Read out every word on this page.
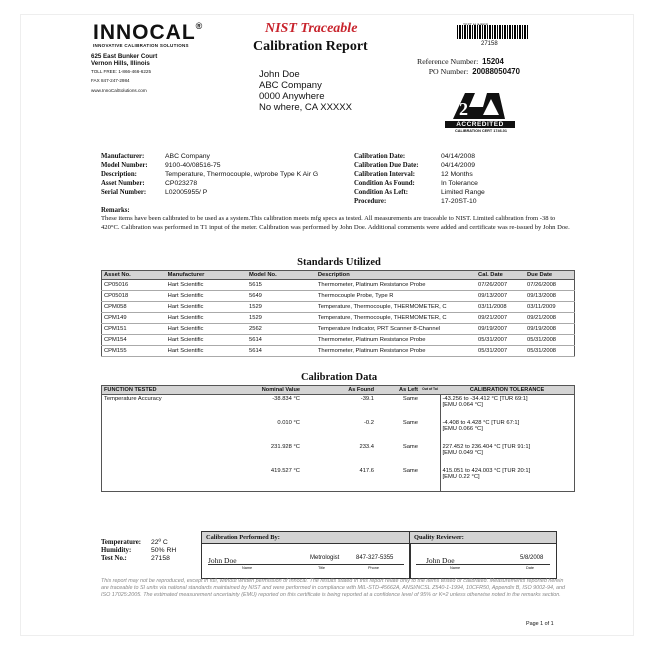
INNOCAL®
INNOVATIVE CALIBRATION SOLUTIONS
625 East Bunker Court
Vernon Hills, Illinois
TOLL FREE: 1-866-466-6225
FAX 847-247-2984
www.InnoCalSolutions.com
NIST Traceable
Calibration Report	27158
Reference Number: 15204
PO Number: 20088050470
John Doe
ABC Company
0000 Anywhere
No where, CA XXXXX	2
ACCREDITED
CALIBRATION CERT 1746.01
Manufacturer:	ABC Company
Model Number:	9100-40/08516-75
Description:	Temperature, Thermocouple, w/probe Type K Air G
Asset Number:	CP023278
Serial Number:	L02005955/ P
Calibration Date:	04/14/2008
Calibration Due Date:	04/14/2009
Calibration Interval:	12 Months
Condition As Found:	In Tolerance
Condition As Left:	Limited Range
Procedure:	17-20ST-10
Remarks:
These items have been calibrated to be used as a system.This calibration meets mfg specs as tested. All measurements are traceable to NIST. Limited calibration from -38 to 420°C. Calibration was performed in T1 input of the meter. Calibration was performed by John Doe. Additional comments were added and certificate was re-issued by John Doe.
Standards Utilized
Asset No.	Manufacturer	Model No.	Description	Cal. Date	Due Date
CP05016	Hart Scientific	5615	Thermometer, Platinum Resistance Probe	07/26/2007	07/26/2008
CP05018	Hart Scientific	5649	Thermocouple Probe, Type R	09/13/2007	09/13/2008
CPM058	Hart Scientific	1529	Temperature, Thermocouple, THERMOMETER, C	03/11/2008	03/11/2009
CPM149	Hart Scientific	1529	Temperature, Thermocouple, THERMOMETER, C	09/21/2007	09/21/2008
CPM151	Hart Scientific	2562	Temperature Indicator, PRT Scanner 8-Channel	09/19/2007	09/19/2008
CPM154	Hart Scientific	5614	Thermometer, Platinum Resistance Probe	05/31/2007	05/31/2008
CPM155	Hart Scientific	5614	Thermometer, Platinum Resistance Probe	05/31/2007	05/31/2008
Calibration Data
FUNCTION TESTED	Nominal Value	As Found	As Left	Out of Tol	CALIBRATION TOLERANCE
Temperature Accuracy	-38.834 °C	-39.1	Same		-43.256 to -34.412 °C [TUR 69:1]
[EMU 0.064 °C]

	0.010 °C	-0.2	Same		-4.408 to 4.428 °C [TUR 67:1]
[EMU 0.066 °C]

	231.928 °C	233.4	Same		227.452 to 236.404 °C [TUR 91:1]
[EMU 0.049 °C]

	419.527 °C	417.6	Same		415.051 to 424.003 °C [TUR 20:1]
[EMU 0.22 °C]
Temperature: 22º C
Humidity:	50% RH
Test No.:	27158
Calibration Performed By:
John Doe	Metrologist	847-327-5355
Name	Title	Phone
Quality Reviewer:
John Doe	5/8/2008
Name	Date
This report may not be reproduced, except in full, without written permission of Innocal. The results stated in this report relate only to the items tested or calibrated. Measurements reported herein are traceable to SI units via national standards maintained by NIST and were performed in compliance with MIL-STD-45662A, ANSI/NCSL Z540-1-1994, 10CFR50, Appendix B, ISO 9002-94, and ISO 17025:2005. The estimated measurement uncertainty (EMU) reported on this certificate is being reported at a confidence level of 95% or K=2 unless otherwise noted in the remarks section.
Page 1 of 1
